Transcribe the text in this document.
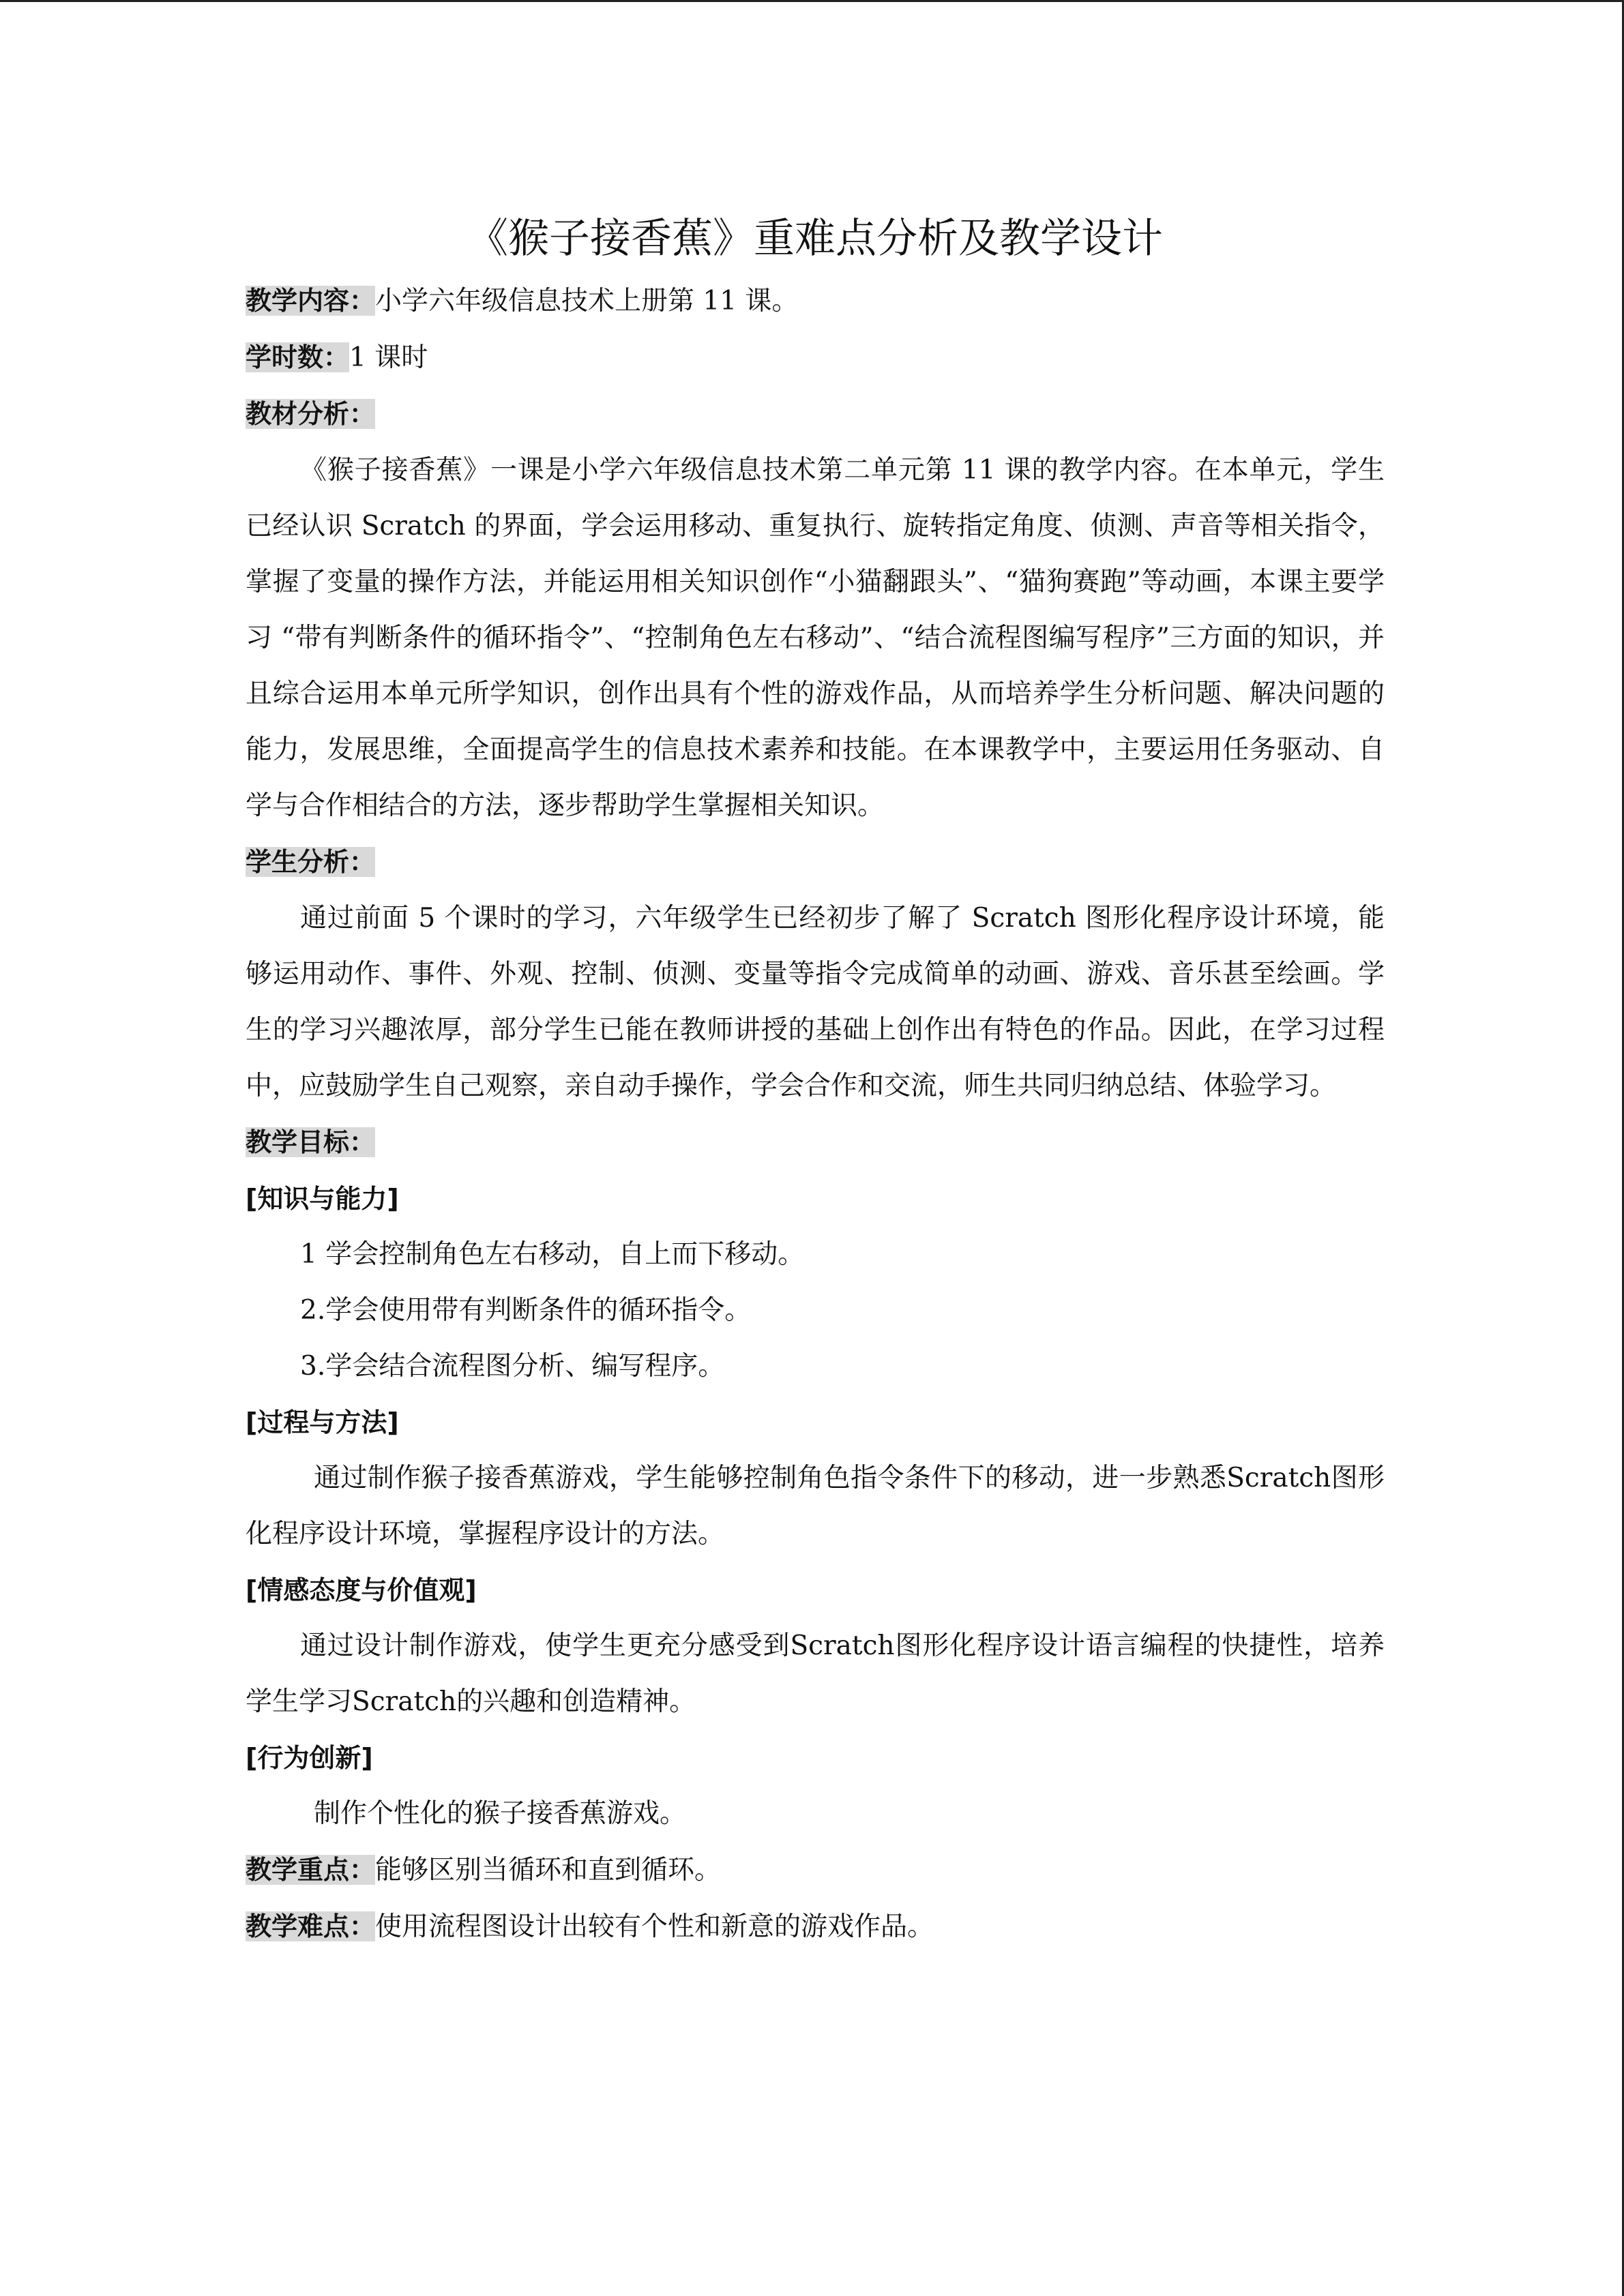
《猴子接香蕉》重难点分析及教学设计
教学内容：小学六年级信息技术上册第 11 课。
学时数：1 课时
教材分析：

《猴子接香蕉》一课是小学六年级信息技术第二单元第 11 课的教学内容。在本单元，学生已经认识 Scratch 的界面，学会运用移动、重复执行、旋转指定角度、侦测、声音等相关指令，掌握了变量的操作方法，并能运用相关知识创作“小猫翻跟头”、“猫狗赛跑”等动画，本课主要学习 “带有判断条件的循环指令”、“控制角色左右移动”、“结合流程图编写程序”三方面的知识，并且综合运用本单元所学知识，创作出具有个性的游戏作品，从而培养学生分析问题、解决问题的能力，发展思维，全面提高学生的信息技术素养和技能。在本课教学中，主要运用任务驱动、自学与合作相结合的方法，逐步帮助学生掌握相关知识。

学生分析：

通过前面 5 个课时的学习，六年级学生已经初步了解了 Scratch 图形化程序设计环境，能够运用动作、事件、外观、控制、侦测、变量等指令完成简单的动画、游戏、音乐甚至绘画。学生的学习兴趣浓厚，部分学生已能在教师讲授的基础上创作出有特色的作品。因此，在学习过程中，应鼓励学生自己观察，亲自动手操作，学会合作和交流，师生共同归纳总结、体验学习。

教学目标：
[知识与能力]
1 学会控制角色左右移动，自上而下移动。
2.学会使用带有判断条件的循环指令。
3.学会结合流程图分析、编写程序。
[过程与方法]

通过制作猴子接香蕉游戏，学生能够控制角色指令条件下的移动，进一步熟悉Scratch图形化程序设计环境，掌握程序设计的方法。

[情感态度与价值观]

通过设计制作游戏，使学生更充分感受到Scratch图形化程序设计语言编程的快捷性，培养学生学习Scratch的兴趣和创造精神。

[行为创新]

制作个性化的猴子接香蕉游戏。

教学重点：能够区别当循环和直到循环。
教学难点：使用流程图设计出较有个性和新意的游戏作品。
